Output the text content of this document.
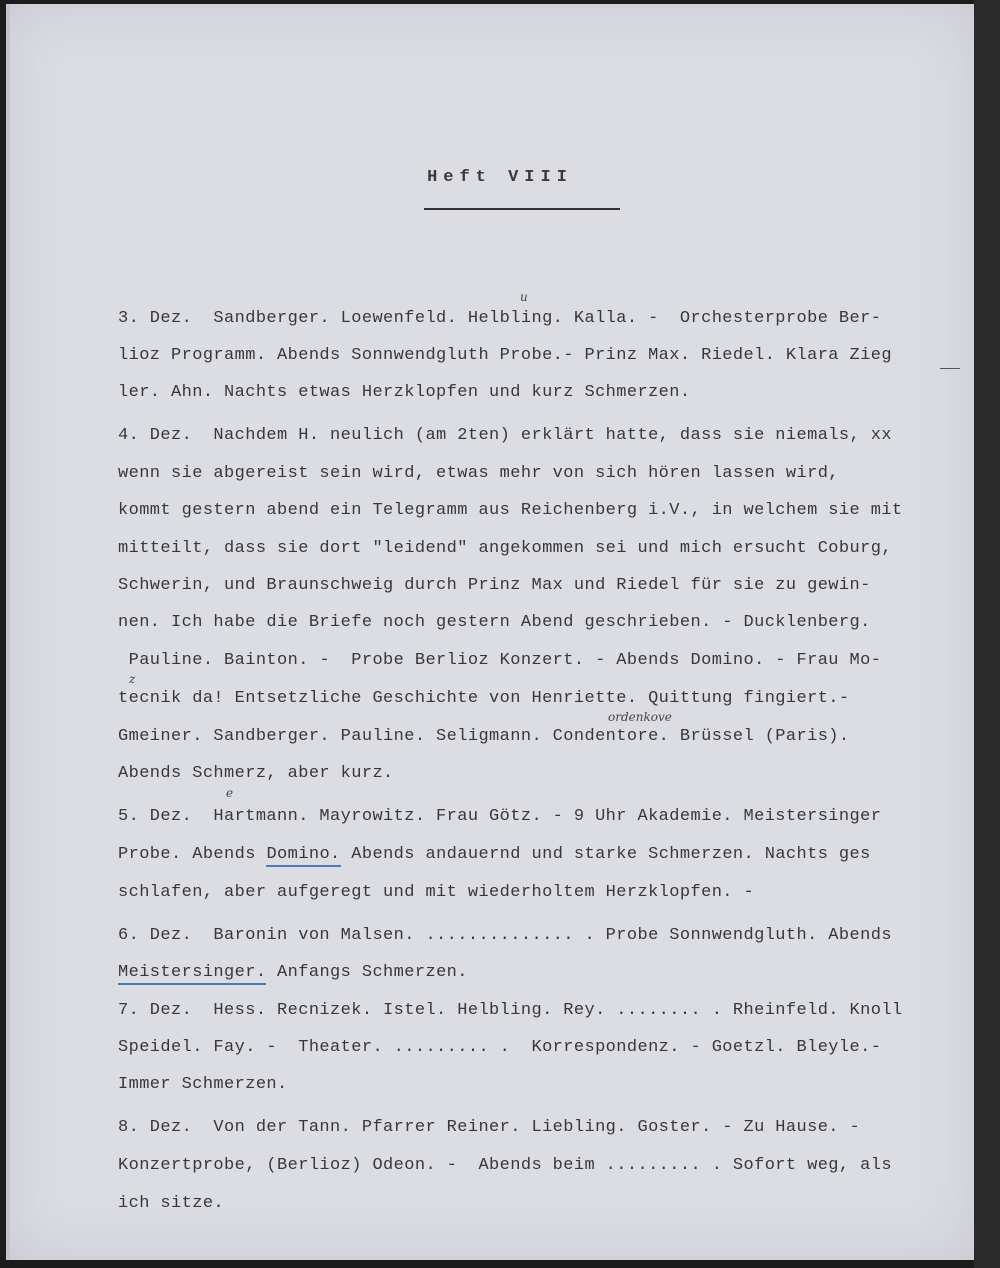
Heft VIII
3. Dez.  Sandberger. Loewenfeld. Helbling. Kalla. -  Orchesterprobe Ber-
lioz Programm. Abends Sonnwendgluth Probe.- Prinz Max. Riedel. Klara Zieg
ler. Ahn. Nachts etwas Herzklopfen und kurz Schmerzen.
4. Dez.  Nachdem H. neulich (am 2ten) erklärt hatte, dass sie niemals, xx
wenn sie abgereist sein wird, etwas mehr von sich hören lassen wird,
kommt gestern abend ein Telegramm aus Reichenberg i.V., in welchem sie mit
mitteilt, dass sie dort "leidend" angekommen sei und mich ersucht Coburg,
Schwerin, und Braunschweig durch Prinz Max und Riedel für sie zu gewin-
nen. Ich habe die Briefe noch gestern Abend geschrieben. - Ducklenberg.
Pauline. Bainton. -  Probe Berlioz Konzert. - Abends Domino. - Frau Mo-
tecnik da! Entsetzliche Geschichte von Henriette. Quittung fingiert.-
Gmeiner. Sandberger. Pauline. Seligmann. Condentore. Brüssel (Paris).
Abends Schmerz, aber kurz.
5. Dez.  Hartmann. Mayrowitz. Frau Götz. - 9 Uhr Akademie. Meistersinger
Probe. Abends Domino. Abends andauernd und starke Schmerzen. Nachts ges
schlafen, aber aufgeregt und mit wiederholtem Herzklopfen. -
6. Dez.  Baronin von Malsen. .............. . Probe Sonnwendgluth. Abends
Meistersinger. Anfangs Schmerzen.
7. Dez.  Hess. Recnizek. Istel. Helbling. Rey. ........ . Rheinfeld. Knoll
Speidel. Fay. -  Theater. ......... .  Korrespondenz. - Goetzl. Bleyle.-
Immer Schmerzen.
8. Dez.  Von der Tann. Pfarrer Reiner. Liebling. Goster. - Zu Hause. -
Konzertprobe, (Berlioz) Odeon. -  Abends beim ......... . Sofort weg, als
ich sitze.
u
e
z
ordenkove
